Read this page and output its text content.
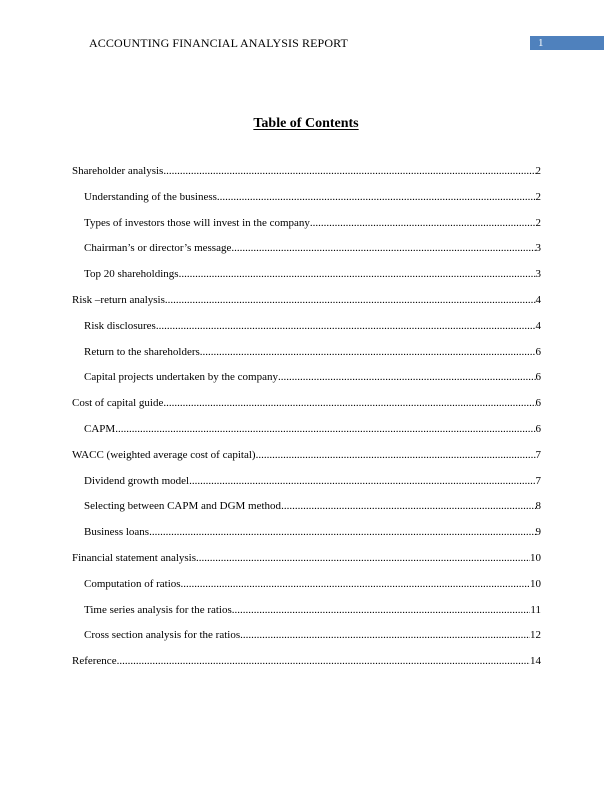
ACCOUNTING FINANCIAL ANALYSIS REPORT	1
Table of Contents
Shareholder analysis .....	2
Understanding of the business .....	2
Types of investors those will invest in the company .....	2
Chairman’s or director’s message .....	3
Top 20 shareholdings .....	3
Risk –return analysis .....	4
Risk disclosures .....	4
Return to the shareholders .....	6
Capital projects undertaken by the company .....	6
Cost of capital guide .....	6
CAPM .....	6
WACC (weighted average cost of capital) .....	7
Dividend growth model .....	7
Selecting between CAPM and DGM method .....	8
Business loans .....	9
Financial statement analysis .....	10
Computation of ratios .....	10
Time series analysis for the ratios .....	11
Cross section analysis for the ratios .....	12
Reference .....	14
